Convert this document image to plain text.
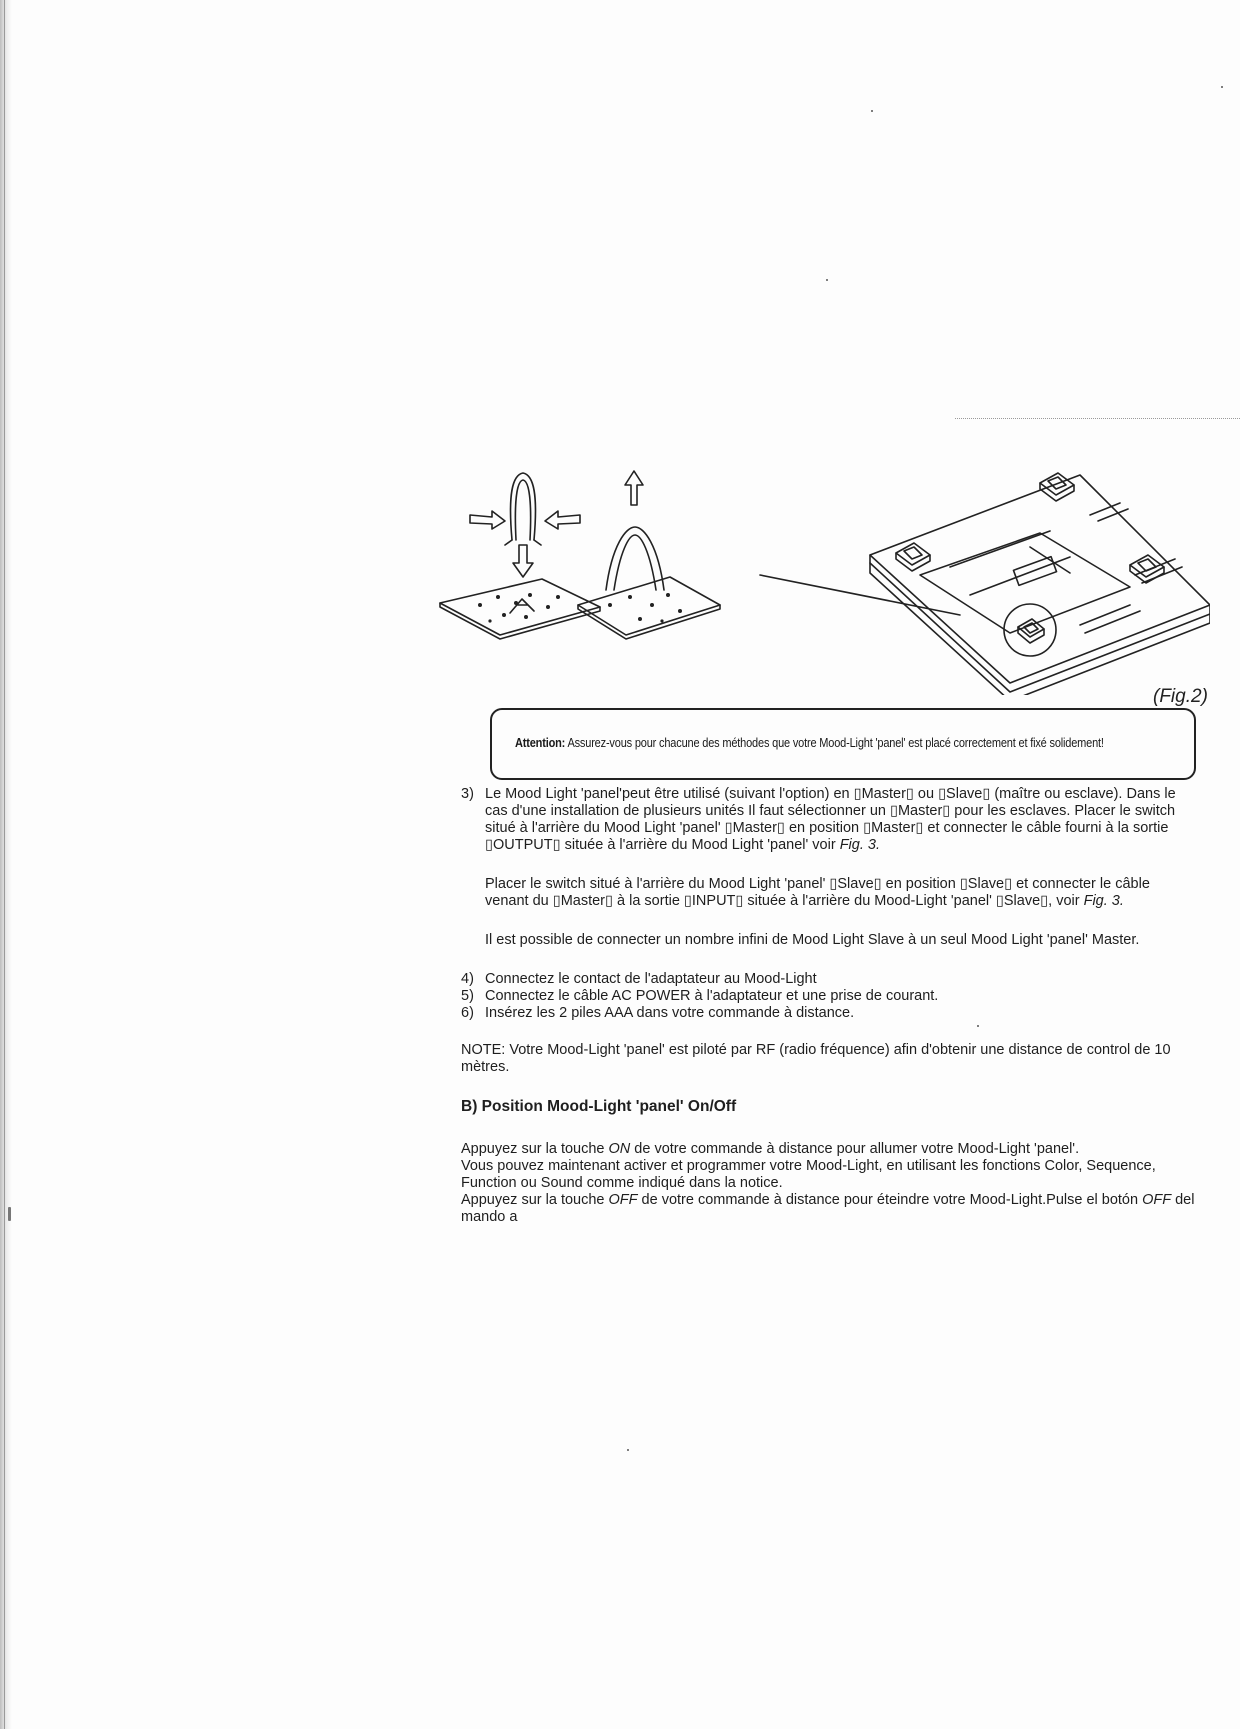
(Fig.2)
Attention: Assurez-vous pour chacune des méthodes que votre Mood-Light 'panel' est placé correctement et fixé solidement!
3) Le Mood Light 'panel'peut être utilisé (suivant l'option) en ▯Master▯ ou ▯Slave▯ (maître ou esclave). Dans le cas d'une installation de plusieurs unités Il faut sélectionner un ▯Master▯ pour les esclaves. Placer le switch situé à l'arrière du Mood Light 'panel' ▯Master▯ en position ▯Master▯ et connecter le câble fourni à la sortie ▯OUTPUT▯ située à l'arrière du Mood Light 'panel' voir Fig. 3.
Placer le switch situé à l'arrière du Mood Light 'panel' ▯Slave▯ en position ▯Slave▯ et connecter le câble venant du ▯Master▯ à la sortie ▯INPUT▯ située à l'arrière du Mood-Light 'panel' ▯Slave▯, voir Fig. 3.
Il est possible de connecter un nombre infini de Mood Light Slave à un seul Mood Light 'panel' Master.
4) Connectez le contact de l'adaptateur au Mood-Light
5) Connectez le câble AC POWER à l'adaptateur et une prise de courant.
6) Insérez les 2 piles AAA dans votre commande à distance.
NOTE: Votre Mood-Light 'panel' est piloté par RF (radio fréquence) afin d'obtenir une distance de control de 10 mètres.
B) Position Mood-Light 'panel' On/Off
Appuyez sur la touche ON de votre commande à distance pour allumer votre Mood-Light 'panel'.
Vous pouvez maintenant activer et programmer votre Mood-Light, en utilisant les fonctions Color, Sequence, Function ou Sound comme indiqué dans la notice.
Appuyez sur la touche OFF de votre commande à distance pour éteindre votre Mood-Light.Pulse el botón OFF del mando a
